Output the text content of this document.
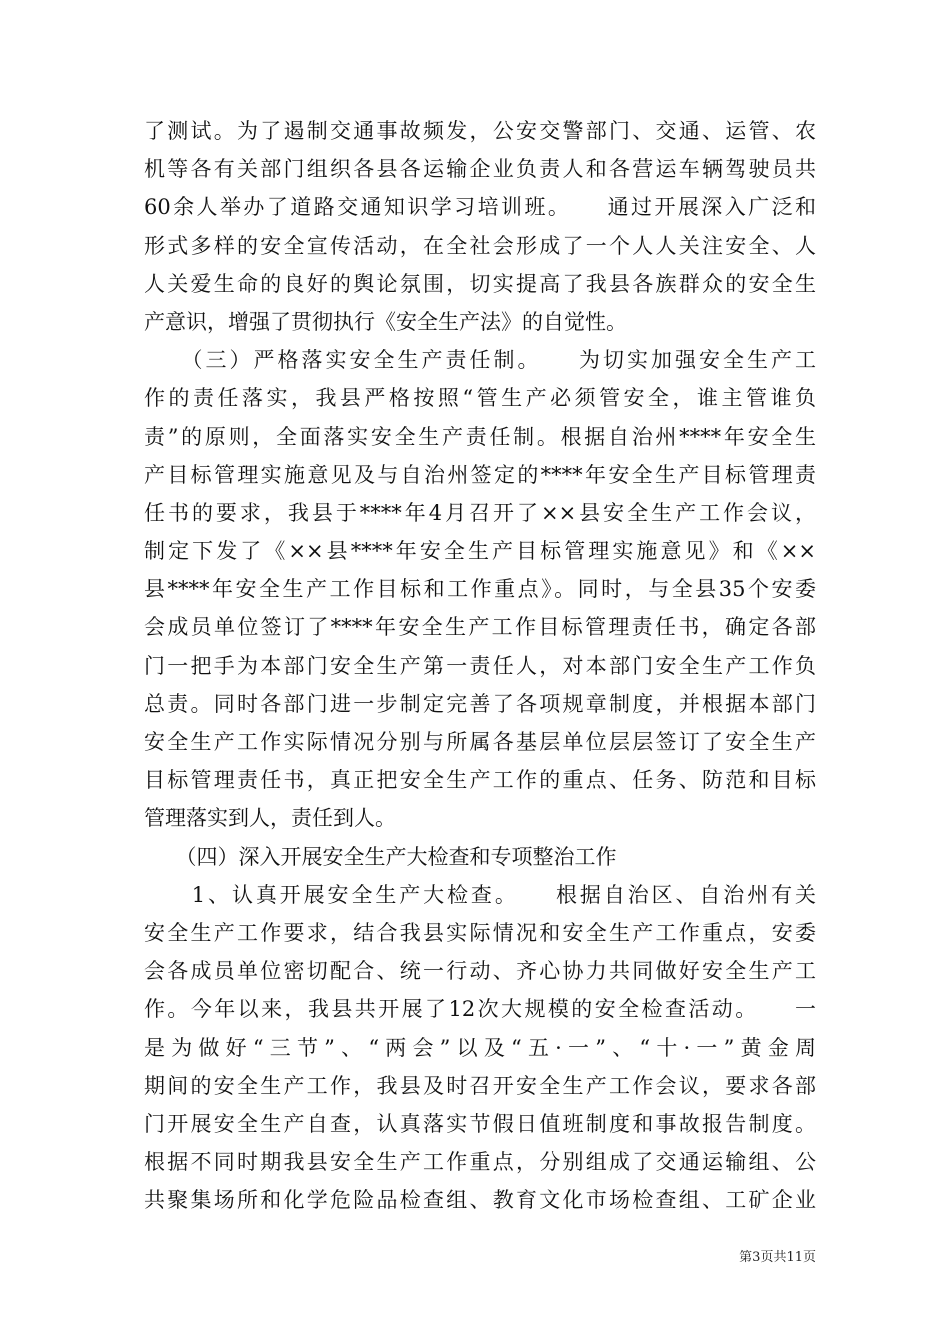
了测试。为了遏制交通事故频发，公安交警部门、交通、运管、农
机等各有关部门组织各县各运输企业负责人和各营运车辆驾驶员共
60余人举办了道路交通知识学习培训班。　　通过开展深入广泛和
形式多样的安全宣传活动，在全社会形成了一个人人关注安全、人
人关爱生命的良好的舆论氛围，切实提高了我县各族群众的安全生
产意识，增强了贯彻执行《安全生产法》的自觉性。
　　（三）严格落实安全生产责任制。　　为切实加强安全生产工
作的责任落实，我县严格按照“管生产必须管安全，谁主管谁负
责”的原则，全面落实安全生产责任制。根据自治州****年安全生
产目标管理实施意见及与自治州签定的****年安全生产目标管理责
任书的要求，我县于****年4月召开了××县安全生产工作会议，
制定下发了《××县****年安全生产目标管理实施意见》和《××
县****年安全生产工作目标和工作重点》。同时，与全县35个安委
会成员单位签订了****年安全生产工作目标管理责任书，确定各部
门一把手为本部门安全生产第一责任人，对本部门安全生产工作负
总责。同时各部门进一步制定完善了各项规章制度，并根据本部门
安全生产工作实际情况分别与所属各基层单位层层签订了安全生产
目标管理责任书，真正把安全生产工作的重点、任务、防范和目标
管理落实到人，责任到人。
　　（四）深入开展安全生产大检查和专项整治工作
　　1、认真开展安全生产大检查。　　根据自治区、自治州有关
安全生产工作要求，结合我县实际情况和安全生产工作重点，安委
会各成员单位密切配合、统一行动、齐心协力共同做好安全生产工
作。今年以来，我县共开展了12次大规模的安全检查活动。　　一
是为做好“三节”、“两会”以及“五·一”、“十·一”黄金周
期间的安全生产工作，我县及时召开安全生产工作会议，要求各部
门开展安全生产自查，认真落实节假日值班制度和事故报告制度。
根据不同时期我县安全生产工作重点，分别组成了交通运输组、公
共聚集场所和化学危险品检查组、教育文化市场检查组、工矿企业
第3页共11页
